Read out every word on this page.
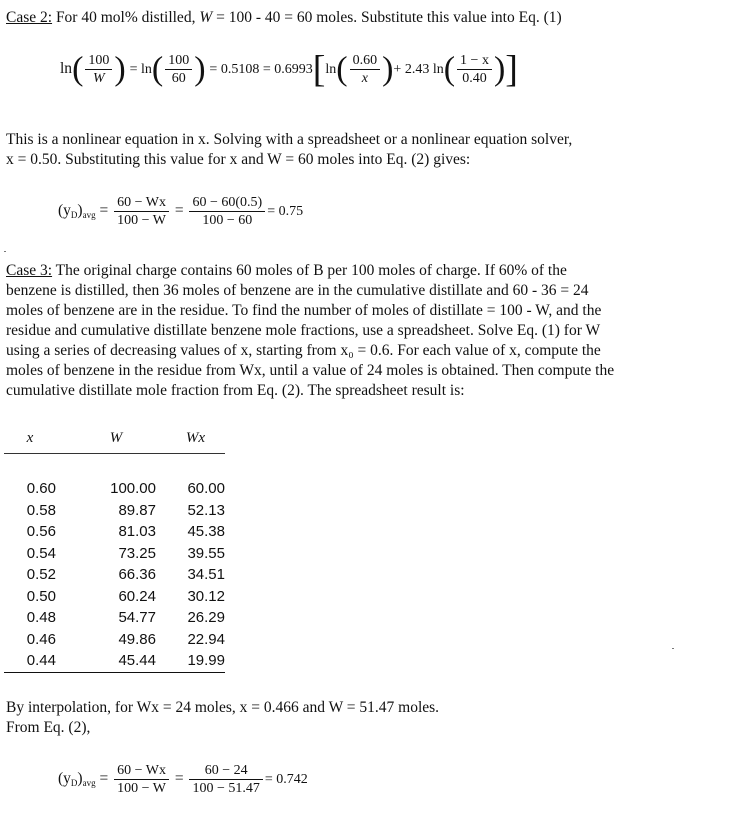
Case 2: For 40 mol% distilled, W = 100 - 40 = 60 moles. Substitute this value into Eq. (1)
$\ln( \frac{100}{W}$ ) = $\ln( \frac{100}{60}$ ) = $0.5108 = 0.6993[\ln( \frac{0.60}{x}$ )+ 2.43 $\ln( \frac{1 - x}{0.40}$ )]
This is a nonlinear equation in x. Solving with a spreadsheet or a nonlinear equation solver,
x = 0.50. Substituting this value for x and W = 60 moles into Eq. (2) gives:
$(y_D)_{avg} = \frac{60 - Wx}{100 - W} = \frac{60 - 60(0.5)}{100 - 60} = 0.75$
Case 3: The original charge contains 60 moles of B per 100 moles of charge. If 60% of the
benzene is distilled, then 36 moles of benzene are in the cumulative distillate and 60 - 36 = 24
moles of benzene are in the residue. To find the number of moles of distillate = 100 - W, and the
residue and cumulative distillate benzene mole fractions, use a spreadsheet. Solve Eq. (1) for W
using a series of decreasing values of x, starting from x₀ = 0.6. For each value of x, compute the
moles of benzene in the residue from Wx, until a value of 24 moles is obtained. Then compute the
cumulative distillate mole fraction from Eq. (2). The spreadsheet result is:
x	W	Wx

0.60	100.00	60.00
0.58	89.87	52.13
0.56	81.03	45.38
0.54	73.25	39.55
0.52	66.36	34.51
0.50	60.24	30.12
0.48	54.77	26.29
0.46	49.86	22.94
0.44	45.44	19.99
By interpolation, for Wx = 24 moles, x = 0.466 and W = 51.47 moles.
From Eq. (2),
$(y_D)_{avg} = \frac{60 - Wx}{100 - W} = \frac{60 - 24}{100 - 51.47} = 0.742$
